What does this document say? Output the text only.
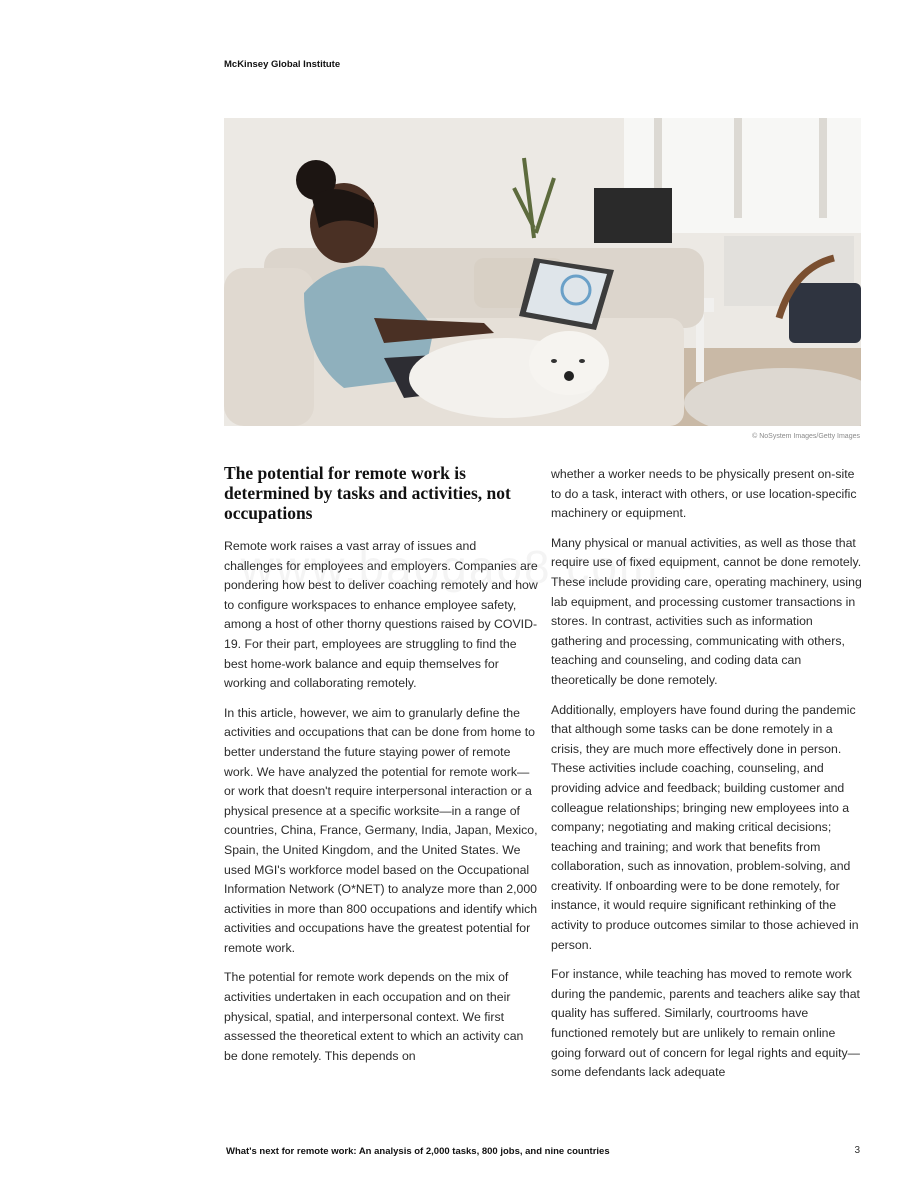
McKinsey Global Institute
© NoSystem Images/Getty Images
The potential for remote work is determined by tasks and activities, not occupations

Remote work raises a vast array of issues and challenges for employees and employers. Companies are pondering how best to deliver coaching remotely and how to configure workspaces to enhance employee safety, among a host of other thorny questions raised by COVID-19. For their part, employees are struggling to find the best home-work balance and equip themselves for working and collaborating remotely.

In this article, however, we aim to granularly define the activities and occupations that can be done from home to better understand the future staying power of remote work. We have analyzed the potential for remote work—or work that doesn't require interpersonal interaction or a physical presence at a specific worksite—in a range of countries, China, France, Germany, India, Japan, Mexico, Spain, the United Kingdom, and the United States. We used MGI's workforce model based on the Occupational Information Network (O*NET) to analyze more than 2,000 activities in more than 800 occupations and identify which activities and occupations have the greatest potential for remote work.

The potential for remote work depends on the mix of activities undertaken in each occupation and on their physical, spatial, and interpersonal context. We first assessed the theoretical extent to which an activity can be done remotely. This depends on

whether a worker needs to be physically present on-site to do a task, interact with others, or use location-specific machinery or equipment.

Many physical or manual activities, as well as those that require use of fixed equipment, cannot be done remotely. These include providing care, operating machinery, using lab equipment, and processing customer transactions in stores. In contrast, activities such as information gathering and processing, communicating with others, teaching and counseling, and coding data can theoretically be done remotely.

Additionally, employers have found during the pandemic that although some tasks can be done remotely in a crisis, they are much more effectively done in person. These activities include coaching, counseling, and providing advice and feedback; building customer and colleague relationships; bringing new employees into a company; negotiating and making critical decisions; teaching and training; and work that benefits from collaboration, such as innovation, problem-solving, and creativity. If onboarding were to be done remotely, for instance, it would require significant rethinking of the activity to produce outcomes similar to those achieved in person.

For instance, while teaching has moved to remote work during the pandemic, parents and teachers alike say that quality has suffered. Similarly, courtrooms have functioned remotely but are unlikely to remain online going forward out of concern for legal rights and equity—some defendants lack adequate

What's next for remote work: An analysis of 2,000 tasks, 800 jobs, and nine countries	3
